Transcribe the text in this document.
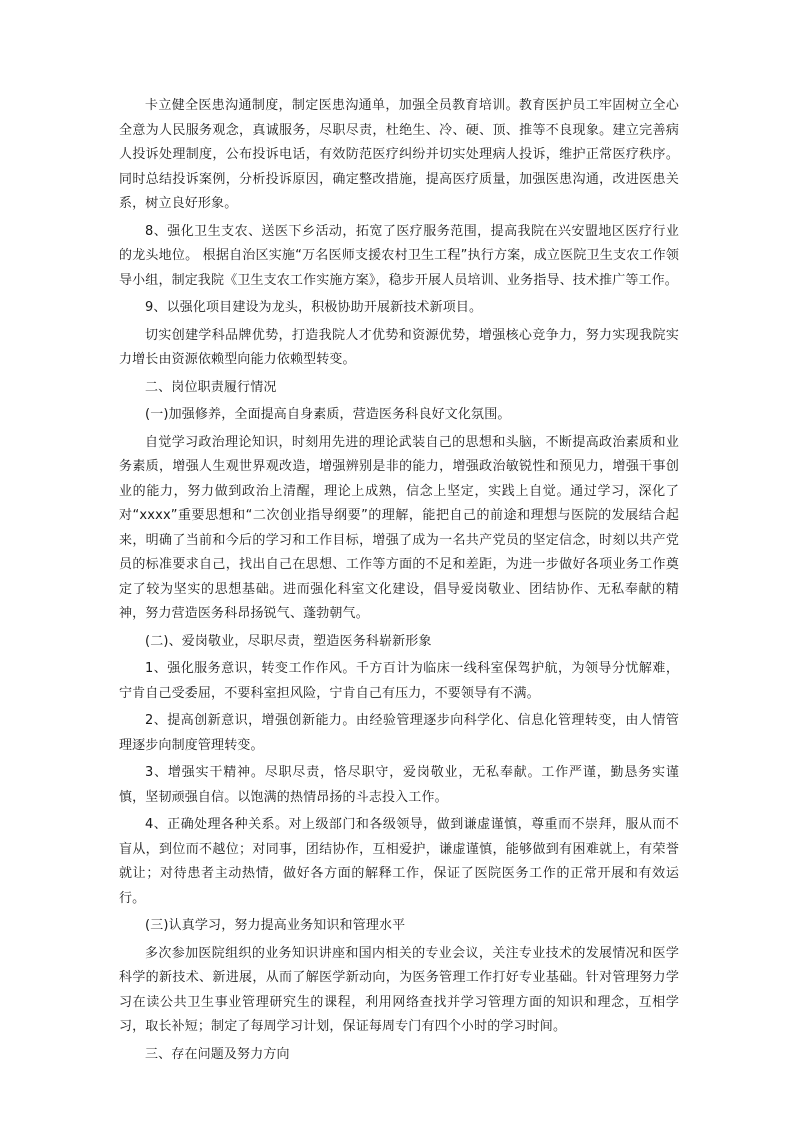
卡立健全医患沟通制度，制定医患沟通单，加强全员教育培训。教育医护员工牢固树立全心全意为人民服务观念，真诚服务，尽职尽责，杜绝生、冷、硬、顶、推等不良现象。建立完善病人投诉处理制度，公布投诉电话，有效防范医疗纠纷并切实处理病人投诉，维护正常医疗秩序。同时总结投诉案例，分析投诉原因，确定整改措施，提高医疗质量，加强医患沟通，改进医患关系，树立良好形象。

8、强化卫生支农、送医下乡活动，拓宽了医疗服务范围，提高我院在兴安盟地区医疗行业的龙头地位。 根据自治区实施“万名医师支援农村卫生工程”执行方案，成立医院卫生支农工作领导小组，制定我院《卫生支农工作实施方案》，稳步开展人员培训、业务指导、技术推广等工作。

9、以强化项目建设为龙头，积极协助开展新技术新项目。

切实创建学科品牌优势，打造我院人才优势和资源优势，增强核心竞争力，努力实现我院实力增长由资源依赖型向能力依赖型转变。

二、岗位职责履行情况

(一)加强修养，全面提高自身素质，营造医务科良好文化氛围。

自觉学习政治理论知识，时刻用先进的理论武装自己的思想和头脑，不断提高政治素质和业务素质，增强人生观世界观改造，增强辨别是非的能力，增强政治敏锐性和预见力，增强干事创业的能力，努力做到政治上清醒，理论上成熟，信念上坚定，实践上自觉。通过学习，深化了对“xxxx”重要思想和“二次创业指导纲要”的理解，能把自己的前途和理想与医院的发展结合起来，明确了当前和今后的学习和工作目标，增强了成为一名共产党员的坚定信念，时刻以共产党员的标准要求自己，找出自己在思想、工作等方面的不足和差距，为进一步做好各项业务工作奠定了较为坚实的思想基础。进而强化科室文化建设，倡导爱岗敬业、团结协作、无私奉献的精神，努力营造医务科昂扬锐气、蓬勃朝气。

(二)、爱岗敬业，尽职尽责，塑造医务科崭新形象

1、强化服务意识，转变工作作风。千方百计为临床一线科室保驾护航，为领导分忧解难，宁肯自己受委屈，不要科室担风险，宁肯自己有压力，不要领导有不满。

2、提高创新意识，增强创新能力。由经验管理逐步向科学化、信息化管理转变，由人情管理逐步向制度管理转变。

3、增强实干精神。尽职尽责，恪尽职守，爱岗敬业，无私奉献。工作严谨，勤恳务实谨慎，坚韧顽强自信。以饱满的热情昂扬的斗志投入工作。

4、正确处理各种关系。对上级部门和各级领导，做到谦虚谨慎，尊重而不崇拜，服从而不盲从，到位而不越位；对同事，团结协作，互相爱护，谦虚谨慎，能够做到有困难就上，有荣誉就让；对待患者主动热情，做好各方面的解释工作，保证了医院医务工作的正常开展和有效运行。

(三)认真学习，努力提高业务知识和管理水平

多次参加医院组织的业务知识讲座和国内相关的专业会议，关注专业技术的发展情况和医学科学的新技术、新进展，从而了解医学新动向，为医务管理工作打好专业基础。针对管理努力学习在读公共卫生事业管理研究生的课程，利用网络查找并学习管理方面的知识和理念，互相学习，取长补短；制定了每周学习计划，保证每周专门有四个小时的学习时间。

三、存在问题及努力方向
